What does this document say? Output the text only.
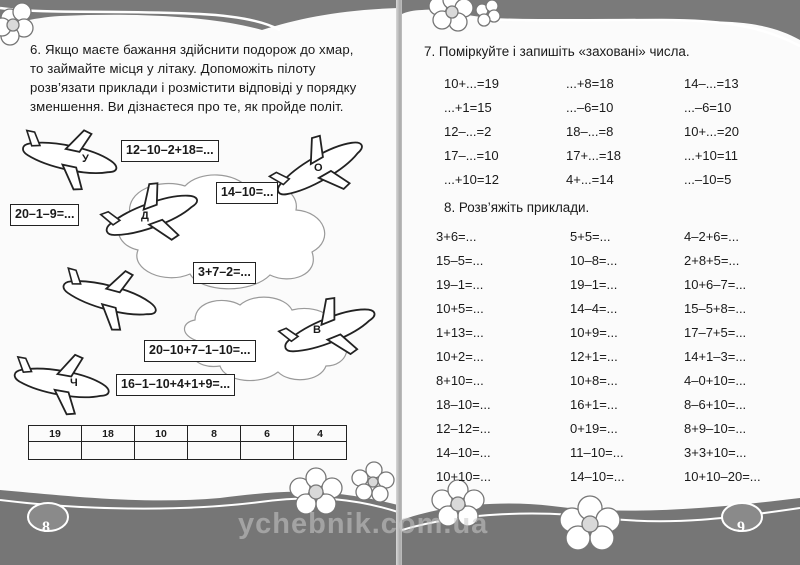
6. Якщо маєте бажання здійснити подорож до хмар, то займайте місця у літаку. Допоможіть пілоту розв’язати приклади і розмістити відповіді у порядку зменшення. Ви дізнаєтеся про те, як пройде політ.
У
О
Д
В
Ч
12–10–2+18=...
14–10=...
20–1–9=...
3+7–2=...
20–10+7–1–10=...
16–1–10+4+1+9=...
19	18	10	8	6	4

8
7. Поміркуйте і запишіть «заховані» числа.
10+...=19	...+8=18	14–...=13
...+1=15	...–6=10	...–6=10
12–...=2	18–...=8	10+...=20
17–...=10	17+...=18	...+10=11
...+10=12	4+...=14	...–10=5
8. Розв’яжіть приклади.
3+6=...	5+5=...	4–2+6=...
15–5=...	10–8=...	2+8+5=...
19–1=...	19–1=...	10+6–7=...
10+5=...	14–4=...	15–5+8=...
1+13=...	10+9=...	17–7+5=...
10+2=...	12+1=...	14+1–3=...
8+10=...	10+8=...	4–0+10=...
18–10=...	16+1=...	8–6+10=...
12–12=...	0+19=...	8+9–10=...
14–10=...	11–10=...	3+3+10=...
10+10=...	14–10=...	10+10–20=...
9
ychebnik.com.ua
